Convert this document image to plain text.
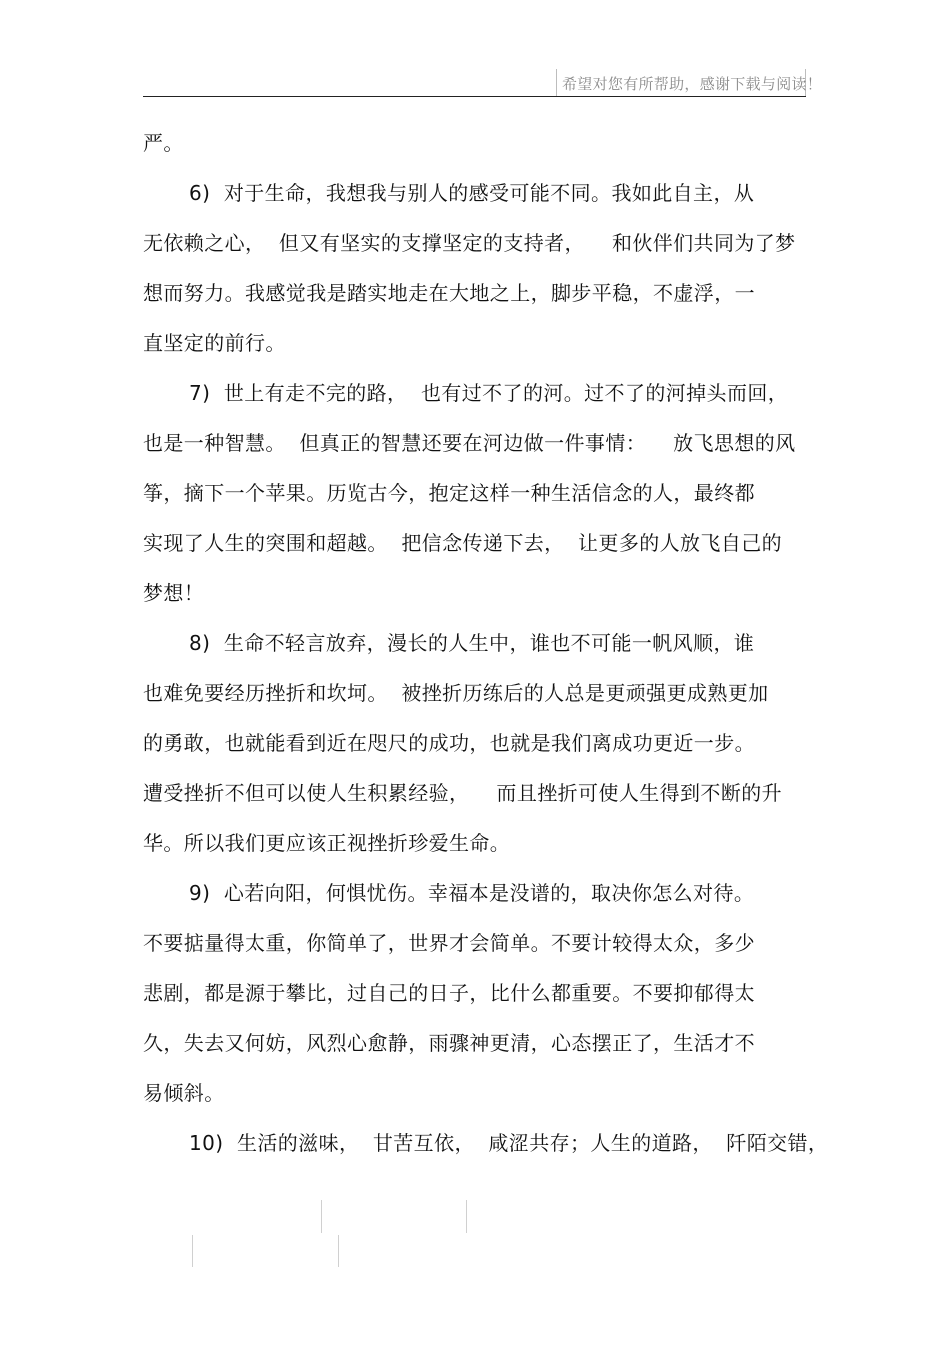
希望对您有所帮助，感谢下载与阅读！
严。
6)  对于生命，我想我与别人的感受可能不同。我如此自主，从
无依赖之心，  但又有坚实的支撑坚定的支持者，    和伙伴们共同为了梦
想而努力。我感觉我是踏实地走在大地之上，脚步平稳，不虚浮，一
直坚定的前行。
7)  世上有走不完的路，  也有过不了的河。过不了的河掉头而回，
也是一种智慧。  但真正的智慧还要在河边做一件事情：    放飞思想的风
筝，摘下一个苹果。历览古今，抱定这样一种生活信念的人，最终都
实现了人生的突围和超越。  把信念传递下去，  让更多的人放飞自己的
梦想！
8)  生命不轻言放弃，漫长的人生中，谁也不可能一帆风顺，谁
也难免要经历挫折和坎坷。  被挫折历练后的人总是更顽强更成熟更加
的勇敢，也就能看到近在咫尺的成功，也就是我们离成功更近一步。
遭受挫折不但可以使人生积累经验，    而且挫折可使人生得到不断的升
华。所以我们更应该正视挫折珍爱生命。
9)  心若向阳，何惧忧伤。幸福本是没谱的，取决你怎么对待。
不要掂量得太重，你简单了，世界才会简单。不要计较得太众，多少
悲剧，都是源于攀比，过自己的日子，比什么都重要。不要抑郁得太
久，失去又何妨，风烈心愈静，雨骤神更清，心态摆正了，生活才不
易倾斜。
10)  生活的滋味，  甘苦互依，  咸涩共存；人生的道路，  阡陌交错，
